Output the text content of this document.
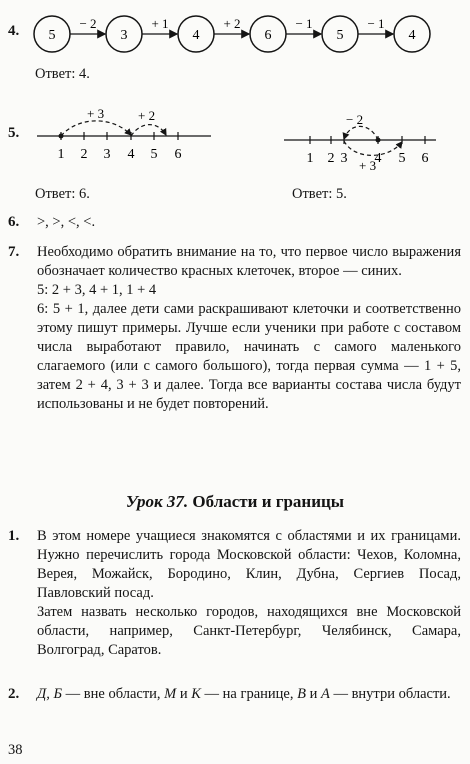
4. 5
− 2
3
+ 1
4
+ 2
6
− 1
5
− 1
4
Ответ: 4.
5.
1 2 3 4 5 6
+ 3	+ 2
Ответ: 6.
1 2 3 4 5 6
− 2
+ 3
Ответ: 5.
6. >, >, <, <.
7. Необходимо обратить внимание на то, что первое число выражения обозначает количество красных клеточек, второе — синих.

5: 2 + 3, 4 + 1, 1 + 4

6: 5 + 1, далее дети сами раскрашивают клеточки и соответственно этому пишут примеры. Лучше если ученики при работе с составом числа выработают правило, начинать с самого маленького слагаемого (или с самого большого), тогда первая сумма — 1 + 5, затем 2 + 4, 3 + 3 и далее. Тогда все варианты состава числа будут использованы и не будет повторений.

Урок 37. Области и границы
1. В этом номере учащиеся знакомятся с областями и их границами. Нужно перечислить города Московской области: Чехов, Коломна, Верея, Можайск, Бородино, Клин, Дубна, Сергиев Посад, Павловский посад.

Затем назвать несколько городов, находящихся вне Московской области, например, Санкт-Петербург, Челябинск, Самара, Волгоград, Саратов.

2. Д, Б — вне области, М и К — на границе, В и А — внутри области.
38
